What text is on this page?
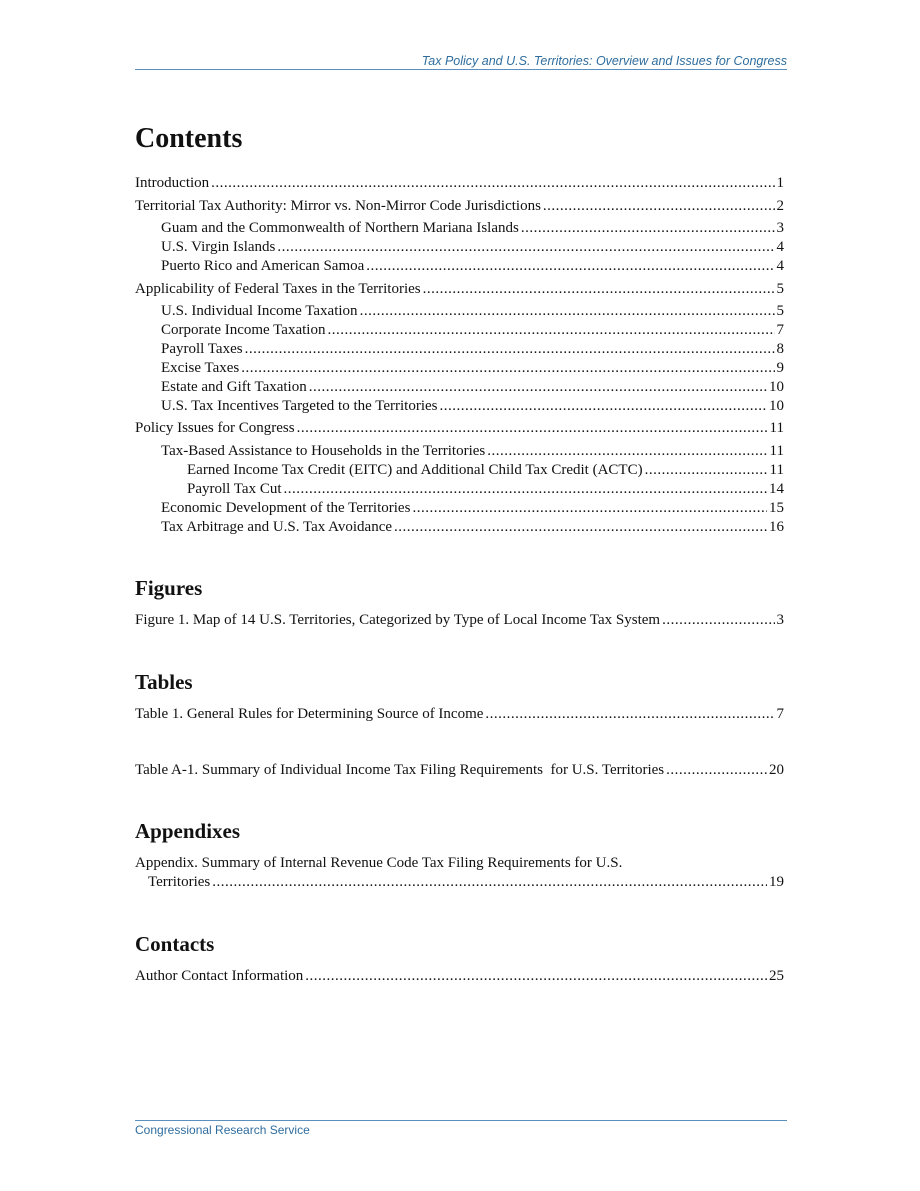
Tax Policy and U.S. Territories: Overview and Issues for Congress
Contents
Introduction .....	1
Territorial Tax Authority: Mirror vs. Non-Mirror Code Jurisdictions .....	2
Guam and the Commonwealth of Northern Mariana Islands .....	3
U.S. Virgin Islands .....	4
Puerto Rico and American Samoa .....	4
Applicability of Federal Taxes in the Territories .....	5
U.S. Individual Income Taxation .....	5
Corporate Income Taxation .....	7
Payroll Taxes .....	8
Excise Taxes .....	9
Estate and Gift Taxation .....	10
U.S. Tax Incentives Targeted to the Territories .....	10
Policy Issues for Congress .....	11
Tax-Based Assistance to Households in the Territories .....	11
Earned Income Tax Credit (EITC) and Additional Child Tax Credit (ACTC) .....	11
Payroll Tax Cut .....	14
Economic Development of the Territories .....	15
Tax Arbitrage and U.S. Tax Avoidance .....	16
Figures
Figure 1. Map of 14 U.S. Territories, Categorized by Type of Local Income Tax System .....	3
Tables
Table 1. General Rules for Determining Source of Income .....	7
Table A-1. Summary of Individual Income Tax Filing Requirements  for U.S. Territories .....	20
Appendixes
Appendix. Summary of Internal Revenue Code Tax Filing Requirements for U.S.
Territories .....	19
Contacts
Author Contact Information .....	25
Congressional Research Service
